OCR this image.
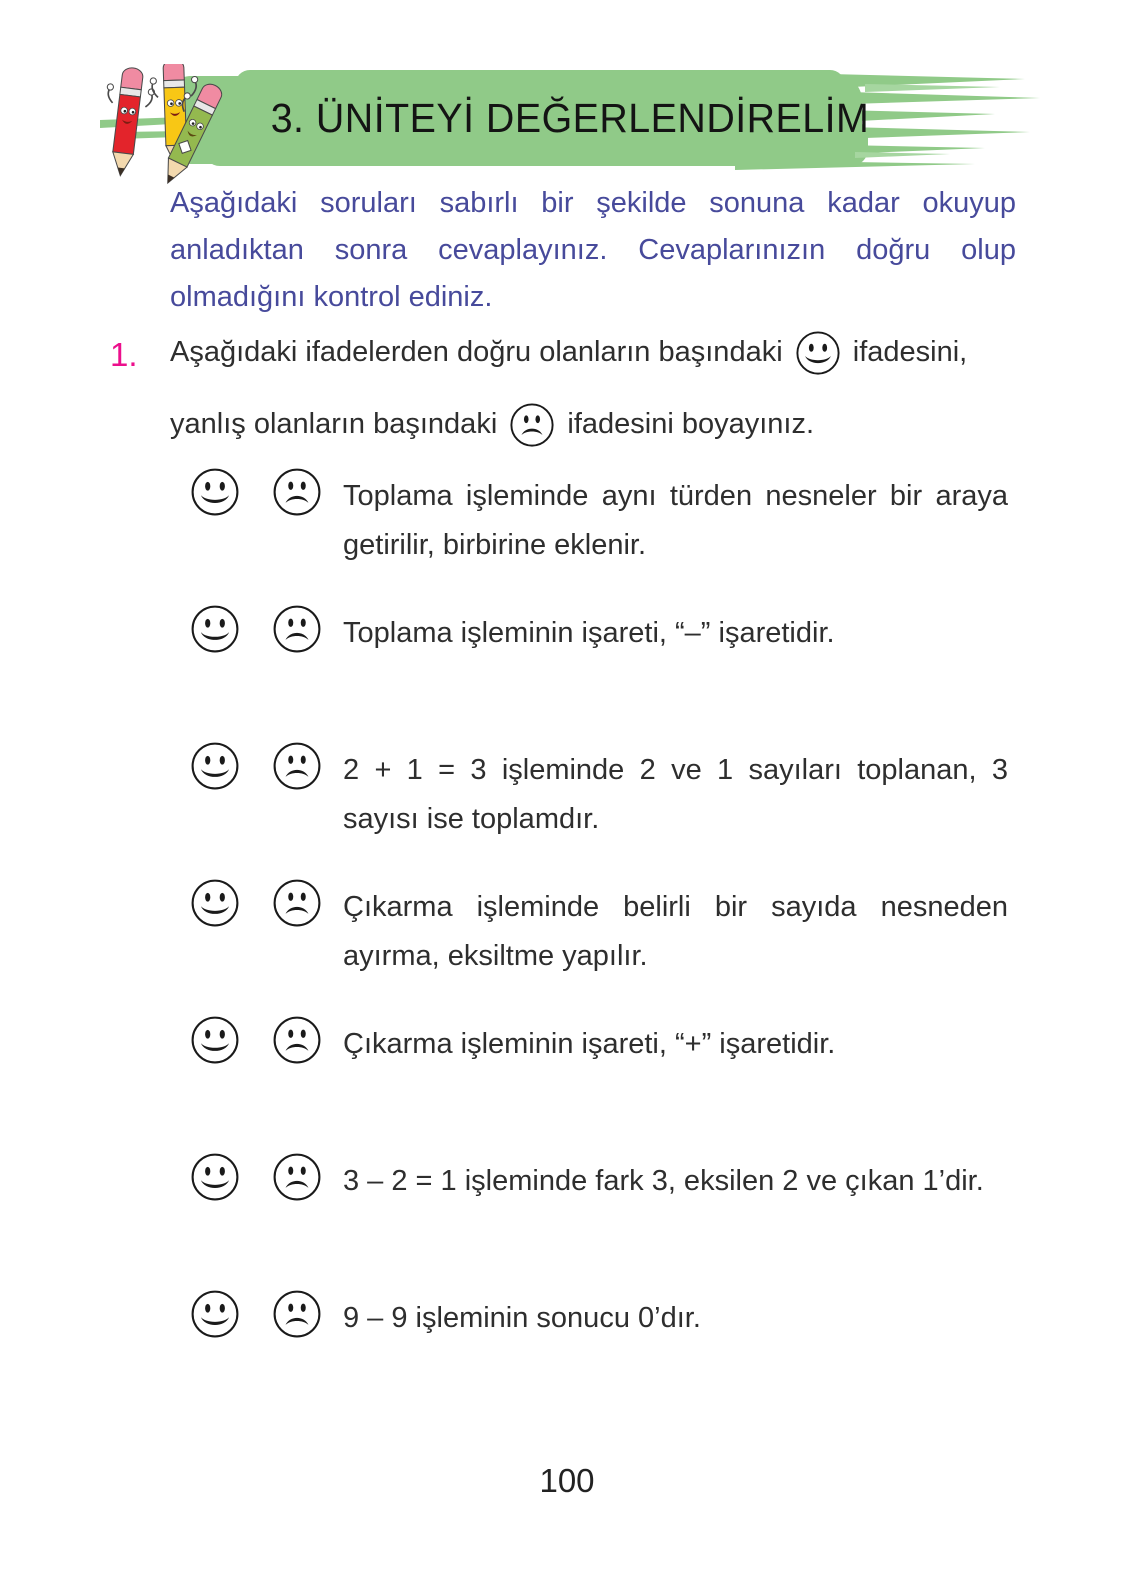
3. ÜNİTEYİ DEĞERLENDİRELİM

Aşağıdaki soruları sabırlı bir şekilde sonuna kadar okuyup anladıktan sonra cevaplayınız. Cevaplarınızın doğru olup olmadığını kontrol ediniz.

1. Aşağıdaki ifadelerden doğru olanların başındaki ifadesini,
yanlış olanların başındaki ifadesini boyayınız.

Toplama işleminde aynı türden nesneler bir araya getirilir, birbirine eklenir.

Toplama işleminin işareti, “–” işaretidir.

2 + 1 = 3 işleminde 2 ve 1 sayıları toplanan, 3 sayısı ise toplamdır.

Çıkarma işleminde belirli bir sayıda nesneden ayırma, eksiltme yapılır.

Çıkarma işleminin işareti, “+” işaretidir.

3 – 2 = 1 işleminde fark 3, eksilen 2 ve çıkan 1’dir.

9 – 9 işleminin sonucu 0’dır.

100
